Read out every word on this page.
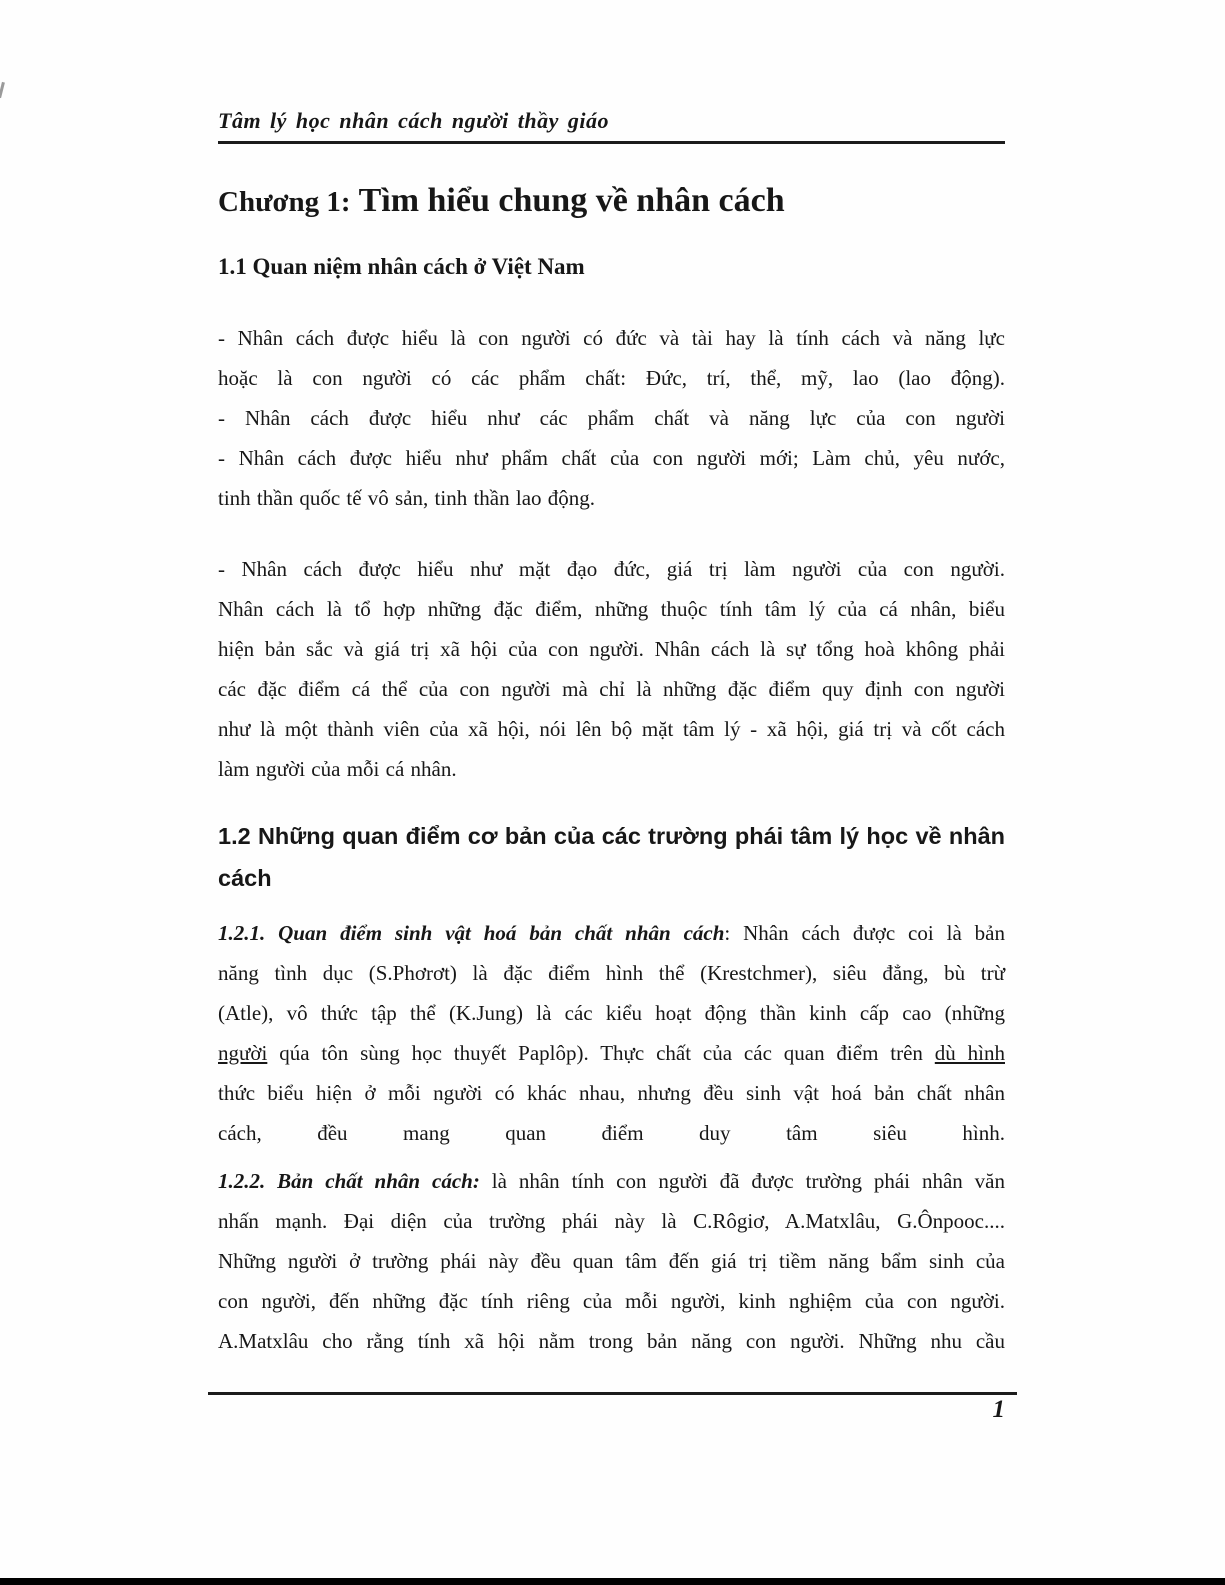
Tâm lý học nhân cách người thầy giáo
Chương 1: Tìm hiểu chung về nhân cách
1.1 Quan niệm nhân cách ở Việt Nam
- Nhân cách được hiểu là con người có đức và tài hay là tính cách và năng lực
hoặc là con người có các phẩm chất: Đức, trí, thể, mỹ, lao (lao động).
- Nhân cách được hiểu như các phẩm chất và năng lực của con người
- Nhân cách được hiểu như phẩm chất của con người mới; Làm chủ, yêu nước,
tinh thần quốc tế vô sản, tinh thần lao động.
- Nhân cách được hiểu như mặt đạo đức, giá trị làm người của con người.
Nhân cách là tổ hợp những đặc điểm, những thuộc tính tâm lý của cá nhân, biểu
hiện bản sắc và giá trị xã hội của con người. Nhân cách là sự tổng hoà không phải
các đặc điểm cá thể của con người mà chỉ là những đặc điểm quy định con người
như là một thành viên của xã hội, nói lên bộ mặt tâm lý - xã hội, giá trị và cốt cách
làm người của mỗi cá nhân.
1.2 Những quan điểm cơ bản của các trường phái tâm lý học về nhân
cách
1.2.1. Quan điểm sinh vật hoá bản chất nhân cách: Nhân cách được coi là bản
năng tình dục (S.Phơrơt) là đặc điểm hình thể (Krestchmer), siêu đẳng, bù trừ
(Atle), vô thức tập thể (K.Jung) là các kiểu hoạt động thần kinh cấp cao (những
người qúa tôn sùng học thuyết Paplôp). Thực chất của các quan điểm trên dù hình
thức biểu hiện ở mỗi người có khác nhau, nhưng đều sinh vật hoá bản chất nhân
cách, đều mang quan điểm duy tâm siêu hình.
1.2.2. Bản chất nhân cách: là nhân tính con người đã được trường phái nhân văn
nhấn mạnh. Đại diện của trường phái này là C.Rôgiơ, A.Matxlâu, G.Ônpooc....
Những người ở trường phái này đều quan tâm đến giá trị tiềm năng bẩm sinh của
con người, đến những đặc tính riêng của mỗi người, kinh nghiệm của con người.
A.Matxlâu cho rằng tính xã hội nằm trong bản năng con người. Những nhu cầu
1
